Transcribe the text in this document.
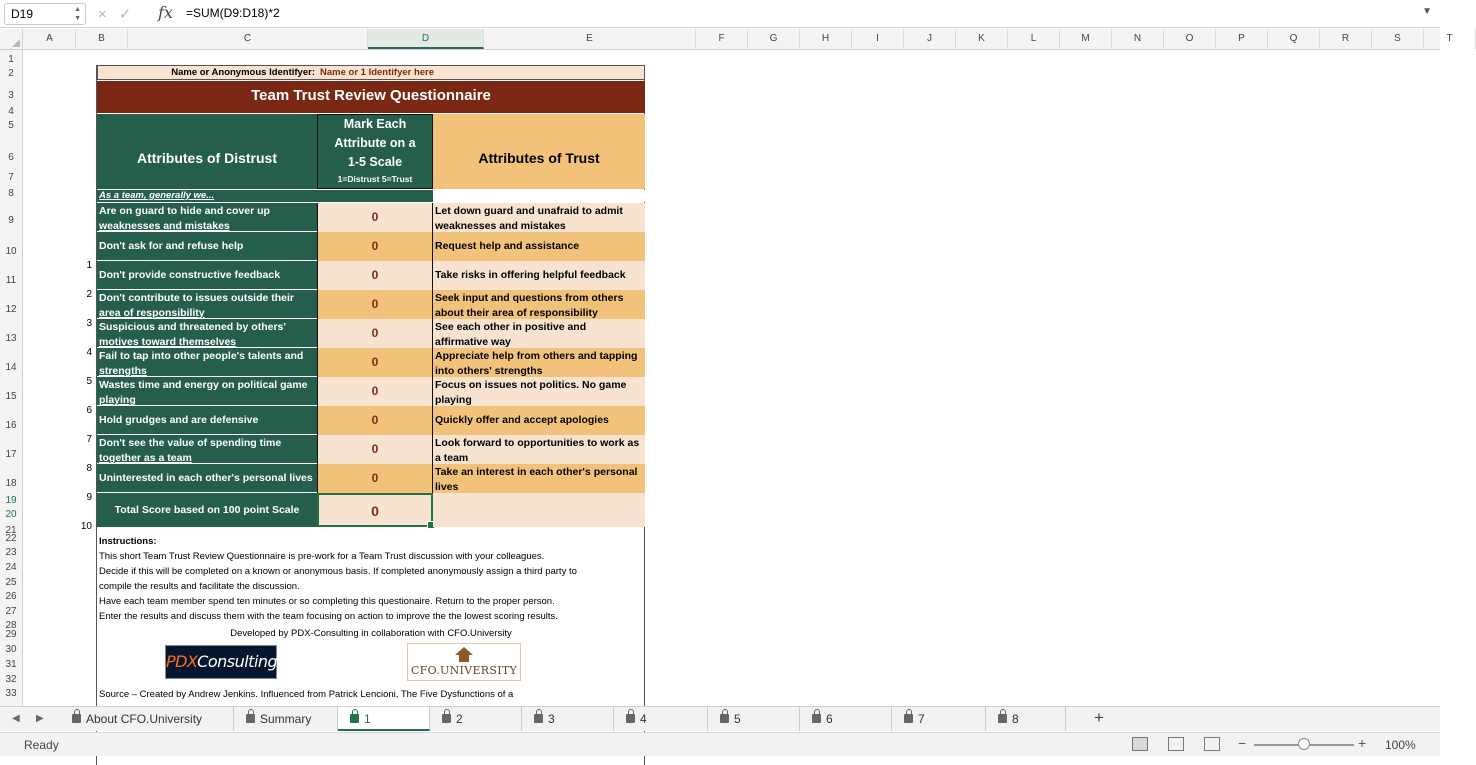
D19	▲
▼ ×✓ fx =SUM(D9:D18)*2	▼
A	B	C	D	E	F	G	H	I	J	K	L	M	N	O	P	Q	R	S	T
1
2
3
4
5
6
7
8
9
10
11
12
13
14
15
16
17
18
19
20
21
22
23
24
25
26
27
28
29
30
31
32
33
Name or Anonymous Identifyer: Name or 1 Identifyer here
Team Trust Review Questionnaire
Attributes of Distrust
Mark Each
Attribute on a
1-5 Scale
1=Distrust 5=Trust
Attributes of Trust
As a team, generally we...
Are on guard to hide and cover up
weaknesses and mistakes
0	Let down guard and unafraid to admit
weaknesses and mistakes
Don't ask for and refuse help	0	Request help and assistance
Don't provide constructive feedback	0	Take risks in offering helpful feedback
Don't contribute to issues outside their
area of responsibility
0	Seek input and questions from others
about their area of responsibility
Suspicious and threatened by others'
motives toward themselves
0	See each other in positive and
affirmative way
Fail to tap into other people's talents and
strengths
0	Appreciate help from others and tapping
into others' strengths
Wastes time and energy on political game
playing
0	Focus on issues not politics. No game
playing
Hold grudges and are defensive	0	Quickly offer and accept apologies
Don't see the value of spending time
together as a team
0	Look forward to opportunities to work as
a team
Uninterested in each other's personal lives	0	Take an interest in each other's personal
lives
Total Score based on 100 point Scale	0
Instructions:
This short Team Trust Review Questionnaire is pre-work for a Team Trust discussion with your colleagues.
Decide if this will be completed on a known or anonymous basis. If completed anonymously assign a third party to
compile the results and facilitate the discussion.
Have each team member spend ten minutes or so completing this questionaire. Return to the proper person.
Enter the results and discuss them with the team focusing on action to improve the the lowest scoring results.
Developed by PDX-Consulting in collaboration with CFO.University
PDXConsulting	CFO.UNIVERSITY
Source – Created by Andrew Jenkins. Influenced from Patrick Lencioni, The Five Dysfunctions of a
1
2
3
4
5
6
7
8
9
10
◀ ▶	+
About CFO.University	Summary	1	2	3	4	5	6	7	8
Ready	−	+ 100%
